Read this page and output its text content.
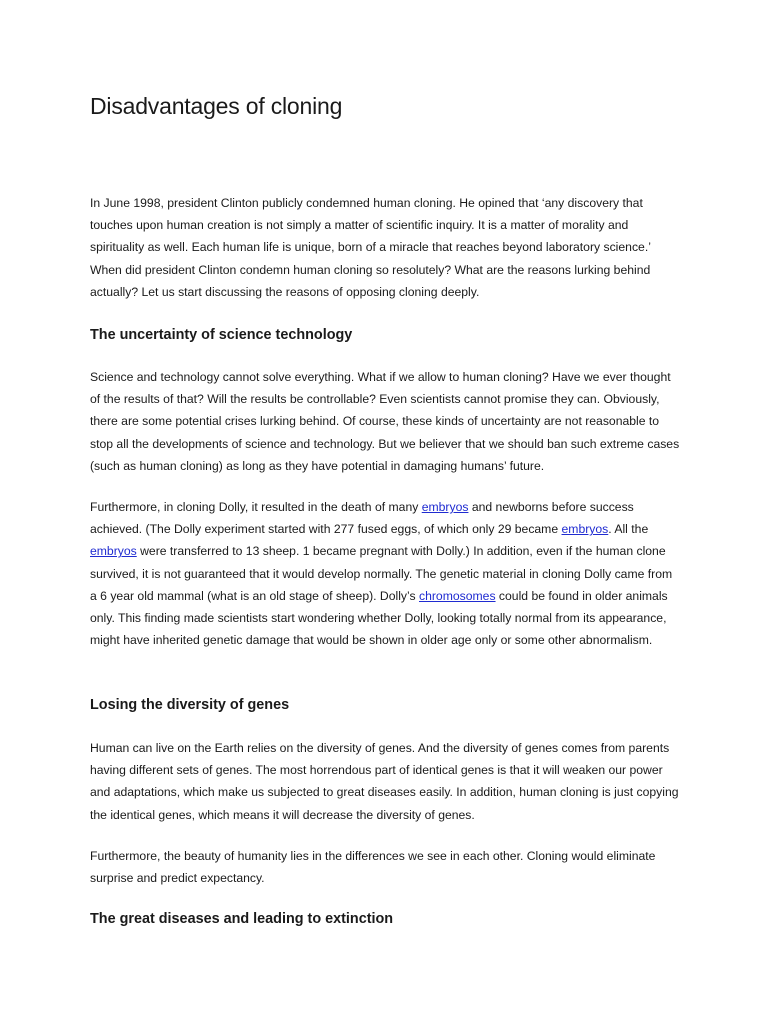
Disadvantages of cloning

In June 1998, president Clinton publicly condemned human cloning. He opined that ‘any discovery that touches upon human creation is not simply a matter of scientific inquiry. It is a matter of morality and spirituality as well. Each human life is unique, born of a miracle that reaches beyond laboratory science.’ When did president Clinton condemn human cloning so resolutely? What are the reasons lurking behind actually? Let us start discussing the reasons of opposing cloning deeply.

The uncertainty of science technology

Science and technology cannot solve everything. What if we allow to human cloning? Have we ever thought of the results of that? Will the results be controllable? Even scientists cannot promise they can. Obviously, there are some potential crises lurking behind. Of course, these kinds of uncertainty are not reasonable to stop all the developments of science and technology. But we believer that we should ban such extreme cases (such as human cloning) as long as they have potential in damaging humans’ future.

Furthermore, in cloning Dolly, it resulted in the death of many embryos and newborns before success achieved. (The Dolly experiment started with 277 fused eggs, of which only 29 became embryos. All the embryos were transferred to 13 sheep. 1 became pregnant with Dolly.) In addition, even if the human clone survived, it is not guaranteed that it would develop normally. The genetic material in cloning Dolly came from a 6 year old mammal (what is an old stage of sheep). Dolly’s chromosomes could be found in older animals only. This finding made scientists start wondering whether Dolly, looking totally normal from its appearance, might have inherited genetic damage that would be shown in older age only or some other abnormalism.

Losing the diversity of genes

Human can live on the Earth relies on the diversity of genes. And the diversity of genes comes from parents having different sets of genes. The most horrendous part of identical genes is that it will weaken our power and adaptations, which make us subjected to great diseases easily. In addition, human cloning is just copying the identical genes, which means it will decrease the diversity of genes.

Furthermore, the beauty of humanity lies in the differences we see in each other. Cloning would eliminate surprise and predict expectancy.

The great diseases and leading to extinction
